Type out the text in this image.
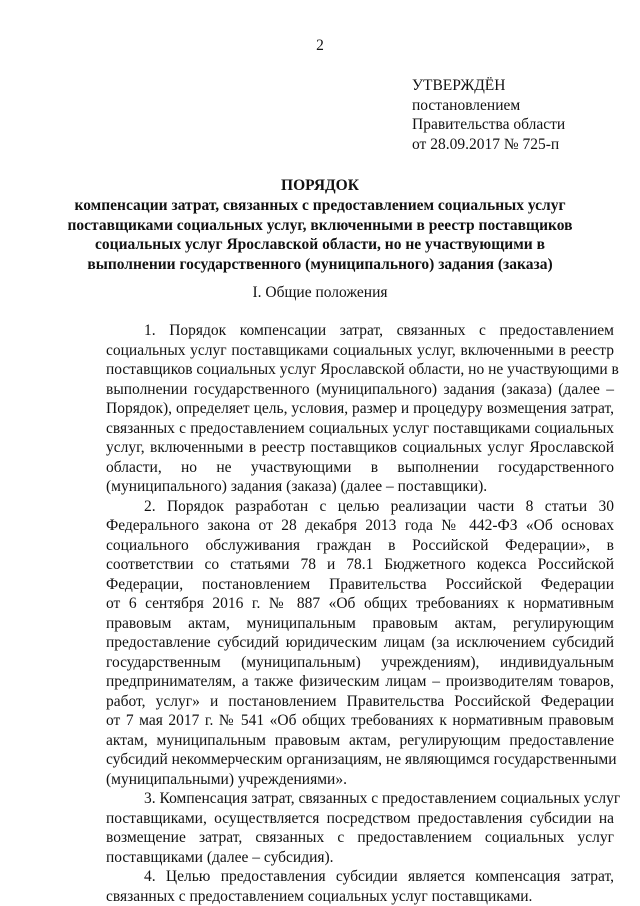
2
УТВЕРЖДЁН
постановлением
Правительства области
от 28.09.2017 № 725-п
ПОРЯДОК
компенсации затрат, связанных с предоставлением социальных услуг
поставщиками социальных услуг, включенными в реестр поставщиков
социальных услуг Ярославской области, но не участвующими в
выполнении государственного (муниципального) задания (заказа)
I. Общие положения
1. Порядок компенсации затрат, связанных с предоставлением
социальных услуг поставщиками социальных услуг, включенными в реестр
поставщиков социальных услуг Ярославской области, но не участвующими в
выполнении государственного (муниципального) задания (заказа) (далее –
Порядок), определяет цель, условия, размер и процедуру возмещения затрат,
связанных с предоставлением социальных услуг поставщиками социальных
услуг, включенными в реестр поставщиков социальных услуг Ярославской
области, но не участвующими в выполнении государственного
(муниципального) задания (заказа) (далее – поставщики).
2. Порядок разработан с целью реализации части 8 статьи 30
Федерального закона от 28 декабря 2013 года № 442-ФЗ «Об основах
социального обслуживания граждан в Российской Федерации», в
соответствии со статьями 78 и 78.1 Бюджетного кодекса Российской
Федерации, постановлением Правительства Российской Федерации
от 6 сентября 2016 г. № 887 «Об общих требованиях к нормативным
правовым актам, муниципальным правовым актам, регулирующим
предоставление субсидий юридическим лицам (за исключением субсидий
государственным (муниципальным) учреждениям), индивидуальным
предпринимателям, а также физическим лицам – производителям товаров,
работ, услуг» и постановлением Правительства Российской Федерации
от 7 мая 2017 г. № 541 «Об общих требованиях к нормативным правовым
актам, муниципальным правовым актам, регулирующим предоставление
субсидий некоммерческим организациям, не являющимся государственными
(муниципальными) учреждениями».
3. Компенсация затрат, связанных с предоставлением социальных услуг
поставщиками, осуществляется посредством предоставления субсидии на
возмещение затрат, связанных с предоставлением социальных услуг
поставщиками (далее – субсидия).
4. Целью предоставления субсидии является компенсация затрат,
связанных с предоставлением социальных услуг поставщиками.
